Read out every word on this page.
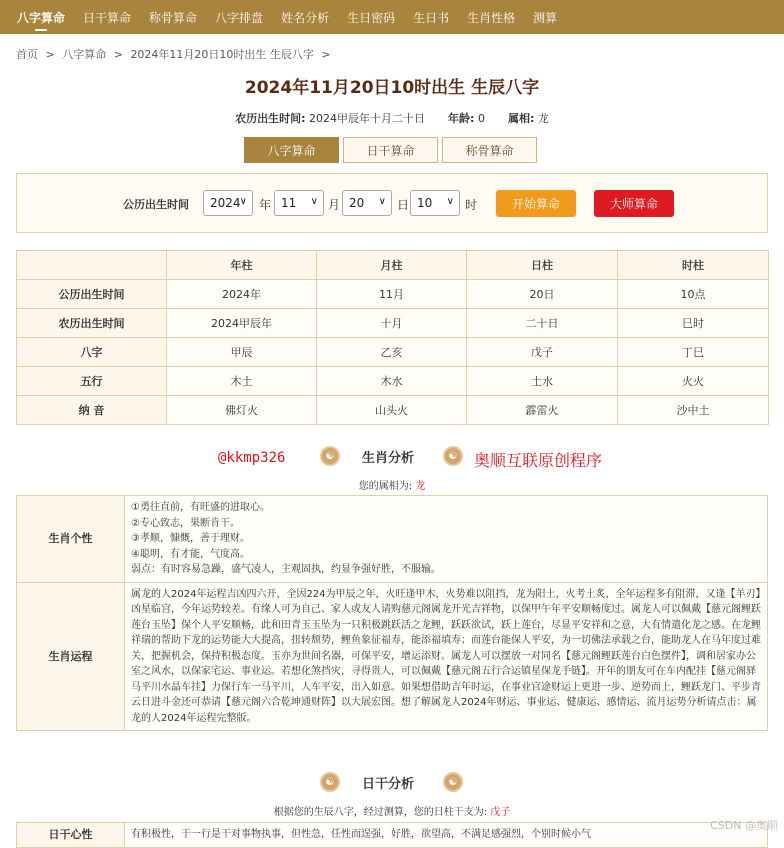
八字算命	日干算命	称骨算命	八字排盘	姓名分析	生日密码	生日书	生肖性格	测算
首页 > 八字算命 > 2024年11月20日10时出生 生辰八字 >
2024年11月20日10时出生 生辰八字
农历出生时间: 2024甲辰年十月二十日 年龄: 0 属相: 龙
八字算命	日干算命	称骨算命
公历出生时间 2024 ∨ 年 11 ∨ 月 20 ∨ 日 10 ∨ 时	开始算命	大师算命
	年柱	月柱	日柱	时柱
公历出生时间	2024年	11月	20日	10点
农历出生时间	2024甲辰年	十月	二十日	巳时
八字	甲辰	乙亥	戊子	丁巳
五行	木土	木水	土水	火火
纳 音	佛灯火	山头火	霹雷火	沙中土
@kkmp326	☯	生肖分析	☯	奥顺互联原创程序
您的属相为: 龙
生肖个性	①勇往直前，有旺盛的进取心。
②专心致志，果断肯干。
③孝顺，慷慨，善于理财。
④聪明，有才能，气度高。
弱点：有时容易急躁，盛气凌人，主观固执，约显争强好胜，不服输。

生肖运程	属龙的人2024年运程吉凶四六开，全因224为甲辰之年，火旺逢甲木，火势难以阻挡，龙为阳土，火考土炙，全年运程多有阻滞，又逢【羊刃】凶星临宫，今年运势较差。有缘人可为自己、家人或友人请购慈元阁属龙开光吉祥物，以保甲午年平安顺畅度过。属龙人可以佩戴【慈元阁鲤跃莲台玉坠】保个人平安顺畅，此和田青玉玉坠为一只积极跳跃活之龙鲤，跃跃欲试，跃上莲台，尽显平安祥和之意，大有情遣化龙之感。在龙鲤祥瑞的帮助下龙的运势能大大提高，扭转颓势，鲤鱼象征福寿，能添福填寿；而莲台能保人平安，为一切佛法承载之台，能助龙人在马年度过难关，把握机会，保持积极态度。玉亦为世间名器，可保平安，增运添财。属龙人可以摆放一对同名【慈元阁鲤跃莲台白色摆件】，调和居家办公室之风水，以保家宅运、事业运。若想化煞挡灾，寻得贵人，可以佩戴【慈元阁五行合运镇星保龙手链】。开年的朋友可在车内配挂【慈元阁驿马平川水晶车挂】力保行车一马平川，人车平安，出入如意。如果想借助吉年时运，在事业官途财运上更进一步、逆势而上，鲤跃龙门、平步青云日进斗金还可恭请【慈元阁六合乾坤通财阵】以大展宏图。想了解属龙人2024年财运、事业运、健康运、感情运、流月运势分析请点击：属龙的人2024年运程完整版。
☯	日干分析	☯
根据您的生辰八字，经过测算，您的日柱干支为: 戊子
日干心性	有积极性，于一行是干对事物执事，但性急，任性而逞强，好胜，欲望高，不满足感强烈，个别时候小气
CSDN @奥顺
